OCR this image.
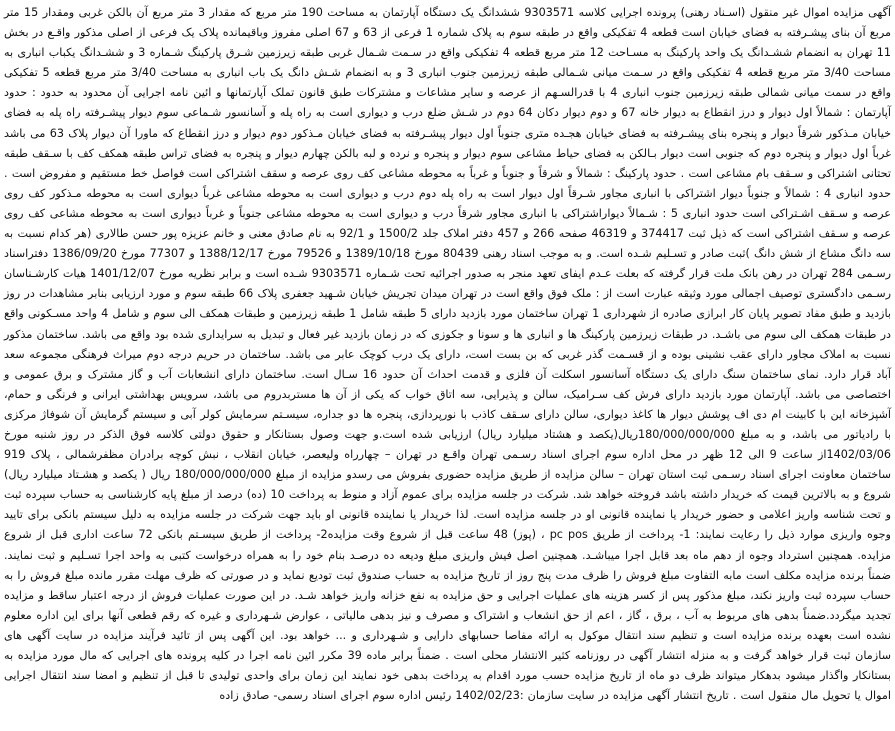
آگهی مزایده اموال غیر منقول (اسـناد رهنی) پرونده اجرایی کلاسه 9303571 ششدانگ یک دستگاه آپارتمان به مساحت 190 متر مربع که مقدار 3 متر مربع آن بالکن غربی ومقدار 15 متر مربع آن بنای پیشـرفته به فضای خیابان است قطعه 4 تفکیکی واقع در طبقه سوم به پلاک شماره 1 فرعی از 63 و 67 اصلی مفروز وباقیمانده پلاک یک فرعی از اصلی مذکور واقـع در بخش 11 تهران به انضمام ششـدانگ یک واحد پارکینگ به مسـاحت 12 متر مربع قطعه 4 تفکیکی واقع در سـمت شـمال غربی طبقه زیرزمین شـرق پارکینگ شـماره 3 و ششـدانگ یکباب انباری به مساحت 3/40 متر مربع قطعه 4 تفکیکی واقع در سـمت میانی شـمالی طبقه زیرزمین جنوب انباری 3 و به انضمام شـش دانگ یک باب انباری به مساحت 3/40 متر مربع قطعه 5 تفکیکی واقع در سمت میانی شمالی طبقه زیرزمین جنوب انباری 4 با قدرالسـهم از عرصه و سایر مشاعات و مشترکات طبق قانون تملک آپارتمانها و ائین نامه اجرایی آن محدود به حدود : حدود آپارتمان : شمالاً اول دیوار و درز انقطاع به دیوار خانه 67 و دوم دیوار دکان 64 دوم در شـش ضلع درب و دیواری است به راه پله و آسانسور شـماعی سوم دیوار پیشـرفته راه پله به فضای خیابان مـذکور شرقاً دیوار و پنجره بنای پیشـرفته به فضای خیابان هجـده متری جنوباً اول دیوار پیشـرفته به فضای خیابان مـذکور دوم دیوار و درز انقطاع که ماورا آن دیوار پلاک 63 می باشد غرباً اول دیوار و پنجره دوم که جنوبی است دیوار بـالکن به فضای حیاط مشاعی سوم دیوار و پنجره و نرده و لبه بالکن چهارم دیوار و پنجره به فضای تراس طبقه همکف کف با سـقف طبقه تحتانی اشتراکی و سـقف بام مشاعی است . حدود پارکینگ : شمالاً و شرقاً و جنوباً و غرباً به محوطه مشاعی کف روی عرصه و سقف اشتراکی است فواصل خط مستقیم و مفروض است . حدود انباری 4 : شمالاً و جنوباً دیوار اشتراکی با انباری مجاور شـرقاً اول دیوار است به راه پله دوم درب و دیواری است به محوطه مشاعی غرباً دیواری است به محوطه مـذکور کف روی عرصه و سـقف اشـتراکی است حدود انباری 5 : شـمالاً دیواراشتراکی با انباری مجاور شرقاً درب و دیواری است به محوطه مشاعی جنوباً و غرباً دیواری است به محوطه مشاعی کف روی عرصه و سـقف اشتراکی است که ذیل ثبت 374417 و 46319 صفحه 266 و 457 دفتر املاک جلد 1500/2 و 92/1 به نام صادق معنی و خانم عزیزه پور حسن طالاری (هر کدام نسبت به سه دانگ مشاع از شش دانگ )ثبت صادر و تسـلیم شـده است. و به موجب اسناد رهنی 80439 مورخ 1389/10/18 و 79526 مورخ 1388/12/17 و 77307 مورخ 1386/09/20 دفتراسناد رسـمی 284 تهران در رهن بانک ملت قرار گرفته که بعلت عـدم ایفای تعهد منجر به صدور اجرائیه تحت شـماره 9303571 شـده است و برابر نظریه مورخ 1401/12/07 هیات کارشـناسان رسـمی دادگستری توصیف اجمالی مورد وثیقه عبارت است از : ملک فوق واقع است در تهران میدان تجریش خیابان شـهید جعفری پلاک 66 طبقه سوم و مورد ارزیابی بنابر مشاهدات در روز بازدید و طبق مفاد تصویر پایان کار ابرازی صادره از شهرداری 1 تهران ساختمان مورد بازدید دارای 5 طبقه شامل 1 طبقه زیرزمین و طبقات همکف الی سوم و شامل 4 واحد مسـکونی واقع در طبقات همکف الی سوم می باشـد. در طبقات زیرزمین پارکینگ ها و انباری ها و سونا و جکوزی که در زمان بازدید غیر فعال و تبدیل به سرایداری شده بود واقع می باشد. ساختمان مذکور نسبت به املاک مجاور دارای عقب نشینی بوده و از قسـمت گذر غربی که بن بست است، دارای یک درب کوچک عابر می باشد. ساختمان در حریم درجه دوم میراث فرهنگی مجموعه سعد آباد قرار دارد. نمای ساختمان سنگ دارای یک دستگاه آسانسور اسکلت آن فلزی و قدمت احداث آن حدود 16 سـال است. ساختمان دارای انشعابات آب و گاز مشترک و برق عمومی و اختصاصی می باشد. آپارتمان مورد بازدید دارای فرش کف سـرامیک، سالن و پذیرایی، سه اتاق خواب که یکی از آن ها مستربدروم می باشد، سرویس بهداشتی ایرانی و فرنگی و حمام، آشپزخانه این با کابینت ام دی اف پوشش دیوار ها کاغذ دیواری، سالن دارای سـقف کاذب با نورپردازی، پنجره ها دو جداره، سیسـتم سرمایش کولر آبی و سیستم گرمایش آن شوفاژ مرکزی با رادیاتور می باشد، و به مبلغ 180/000/000/000ریال(یکصد و هشتاد میلیارد ریال) ارزیابی شده است.و جهت وصول بستانکار و حقوق دولتی کلاسه فوق الذکر در روز شنبه مورخ 1402/03/06از ساعت 9 الی 12 ظهر در محل اداره سوم اجرای اسناد رسـمی تهران واقـع در تهران – چهارراه ولیعصر، خیابان انقلاب ، نبش کوچه برادران مظفرشمالی ، پلاک 919 ساختمان معاونت اجرای اسناد رسـمی ثبت استان تهران – سالن مزایده از طریق مزایده حضوری بفروش می رسدو مزایده از مبلغ 180/000/000/000 ریال ( یکصد و هشـتاد میلیارد ریال) شروع و به بالاترین قیمت که خریدار داشته باشد فروخته خواهد شد. شرکت در جلسه مزایده برای عموم آزاد و منوط به پرداخت 10 (ده) درصد از مبلغ پایه کارشناسی به حساب سپرده ثبت و تحت شناسه واریز اعلامی و حضور خریدار یا نماینده قانونی او در جلسه مزایده است. لذا خریدار یا نماینده قانونی او باید جهت شرکت در جلسه مزایده به دلیل سیستم بانکی برای تایید وجوه واریزی موارد ذیل را رعایت نمایند: 1- پرداخت از طریق pc pos ، (پوز) 48 ساعت قبل از شروع وقت مزایده2- پرداخت از طریق سیسـتم بانکی 72 ساعت اداری قبل از شروع مزایده. همچنین استرداد وجوه از دهم ماه بعد قابل اجرا میباشـد. همچنین اصل فیش واریزی مبلغ ودیعه ده درصـد بنام خود را به همراه درخواست کتبی به واحد اجرا تسـلیم و ثبت نمایند. ضمناً برنده مزایده مکلف است مابه التفاوت مبلغ فروش را ظرف مدت پنج روز از تاریخ مزایده به حساب صندوق ثبت تودیع نماید و در صورتی که ظرف مهلت مقرر مانده مبلغ فروش را به حساب سپرده ثبت واریز نکند، مبلغ مذکور پس از کسر هزینه های عملیات اجرایی و حق مزایده به نفع خزانه واریز خواهد شـد. در این صورت عملیات فروش از درجه اعتبار ساقط و مزایده تجدید میگردد.ضمناً بدهی های مربوط به آب ، برق ، گاز ، اعم از حق انشعاب و اشتراک و مصرف و نیز بدهی مالیاتی ، عوارض شـهرداری و غیره که رقم قطعی آنها برای این اداره معلوم نشده است بعهده برنده مزایده است و تنظیم سند انتقال موکول به ارائه مفاصا حسابهای دارایی و شـهرداری و ... خواهد بود. این آگهی پس از تائید فرآیند مزایده در سایت آگهی های سازمان ثبت قرار خواهد گرفت و به منزله انتشار آگهی در روزنامه کثیر الانتشار محلی است . ضمناً برابر ماده 39 مکرر ائین نامه اجرا در کلیه پرونده های اجرایی که مال مورد مزایده به بستانکار واگذار میشود بدهکار میتواند ظرف دو ماه از تاریخ مزایده حسب مورد اقدام به پرداخت بدهی خود نمایند این زمان برای واحدی تولیدی تا قبل از تنظیم و امضا سند انتقال اجرایی اموال یا تحویل مال منقول است . تاریخ انتشار آگهی مزایده در سایت سازمان :1402/02/23 رئیس اداره سوم اجرای اسناد رسمی- صادق زاده
